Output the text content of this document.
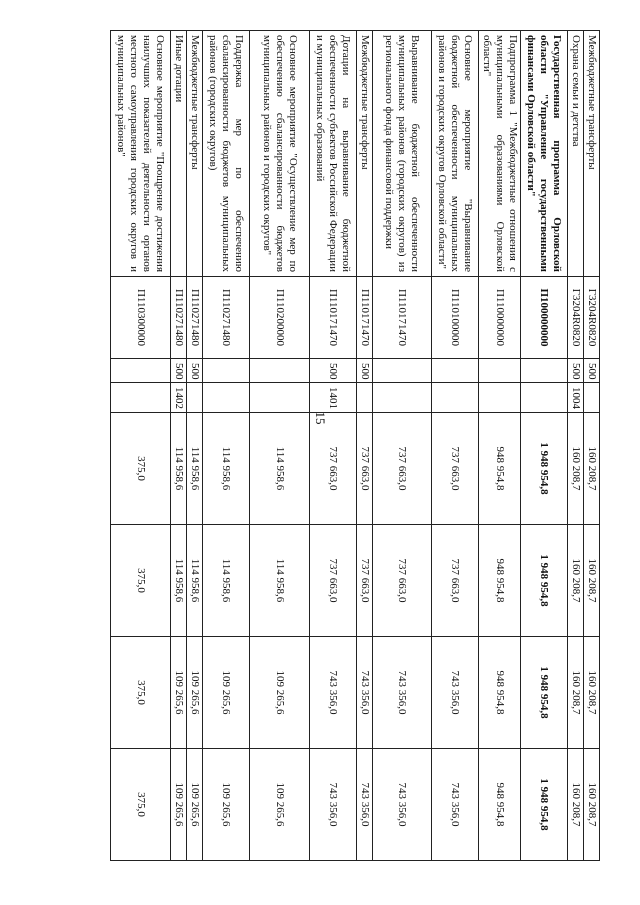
15
Межбюджетные трансферты	Г3204R0820	500		160 208,7	160 208,7	160 208,7	160 208,7
Охрана семьи и детства	Г3204R0820	500	1004	160 208,7	160 208,7	160 208,7	160 208,7
Государственная программа Орловской области "Управление государственными финансами Орловской области"	П100000000			1 948 954,8	1 948 954,8	1 948 954,8	1 948 954,8
Подпрограмма 1 "Межбюджетные отношения с муниципальными образованиями Орловской области"	П110000000			948 954,8	948 954,8	948 954,8	948 954,8
Основное мероприятие "Выравнивание бюджетной обеспеченности муниципальных районов и городских округов Орловской области"	П110100000			737 663,0	737 663,0	743 356,0	743 356,0
Выравнивание бюджетной обеспеченности муниципальных районов (городских округов) из регионального фонда финансовой поддержки	П110171470			737 663,0	737 663,0	743 356,0	743 356,0
Межбюджетные трансферты	П110171470	500		737 663,0	737 663,0	743 356,0	743 356,0
Дотации на выравнивание бюджетной обеспеченности субъектов Российской Федерации и муниципальных образований	П110171470	500	1401	737 663,0	737 663,0	743 356,0	743 356,0
Основное мероприятие "Осуществление мер по обеспечению сбалансированности бюджетов муниципальных районов и городских округов"	П110200000			114 958,6	114 958,6	109 265,6	109 265,6
Поддержка мер по обеспечению сбалансированности бюджетов муниципальных районов (городских округов)	П110271480			114 958,6	114 958,6	109 265,6	109 265,6
Межбюджетные трансферты	П110271480	500		114 958,6	114 958,6	109 265,6	109 265,6
Иные дотации	П110271480	500	1402	114 958,6	114 958,6	109 265,6	109 265,6
Основное мероприятие "Поощрение достижения наилучших показателей деятельности органов местного самоуправления городских округов и муниципальных районов"	П110300000			375,0	375,0	375,0	375,0
